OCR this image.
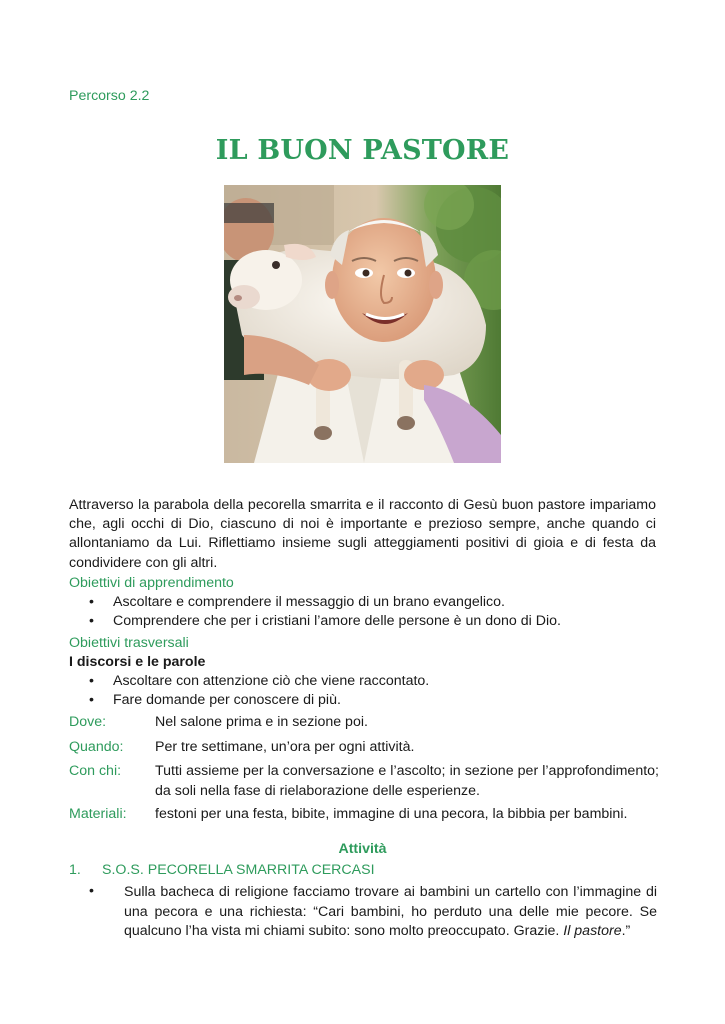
Percorso 2.2
IL BUON PASTORE

Attraverso la parabola della pecorella smarrita e il racconto di Gesù buon pastore impariamo che, agli occhi di Dio, ciascuno di noi è importante e prezioso sempre, anche quando ci allontaniamo da Lui. Riflettiamo insieme sugli atteggiamenti positivi di gioia e di festa da condividere con gli altri.

Obiettivi di apprendimento
• Ascoltare e comprendere il messaggio di un brano evangelico.
• Comprendere che per i cristiani l’amore delle persone è un dono di Dio.
Obiettivi trasversali
I discorsi e le parole
• Ascoltare con attenzione ciò che viene raccontato.
• Fare domande per conoscere di più.
Dove:	Nel salone prima e in sezione poi.
Quando: Per tre settimane, un’ora per ogni attività.
Con chi: Tutti assieme per la conversazione e l’ascolto; in sezione per l’approfondimento; da soli nella fase di rielaborazione delle esperienze.
Materiali: festoni per una festa, bibite, immagine di una pecora, la bibbia per bambini.
Attività
1. S.O.S. PECORELLA SMARRITA CERCASI
• Sulla bacheca di religione facciamo trovare ai bambini un cartello con l’immagine di una pecora e una richiesta: “Cari bambini, ho perduto una delle mie pecore. Se qualcuno l’ha vista mi chiami subito: sono molto preoccupato. Grazie. Il pastore.”
